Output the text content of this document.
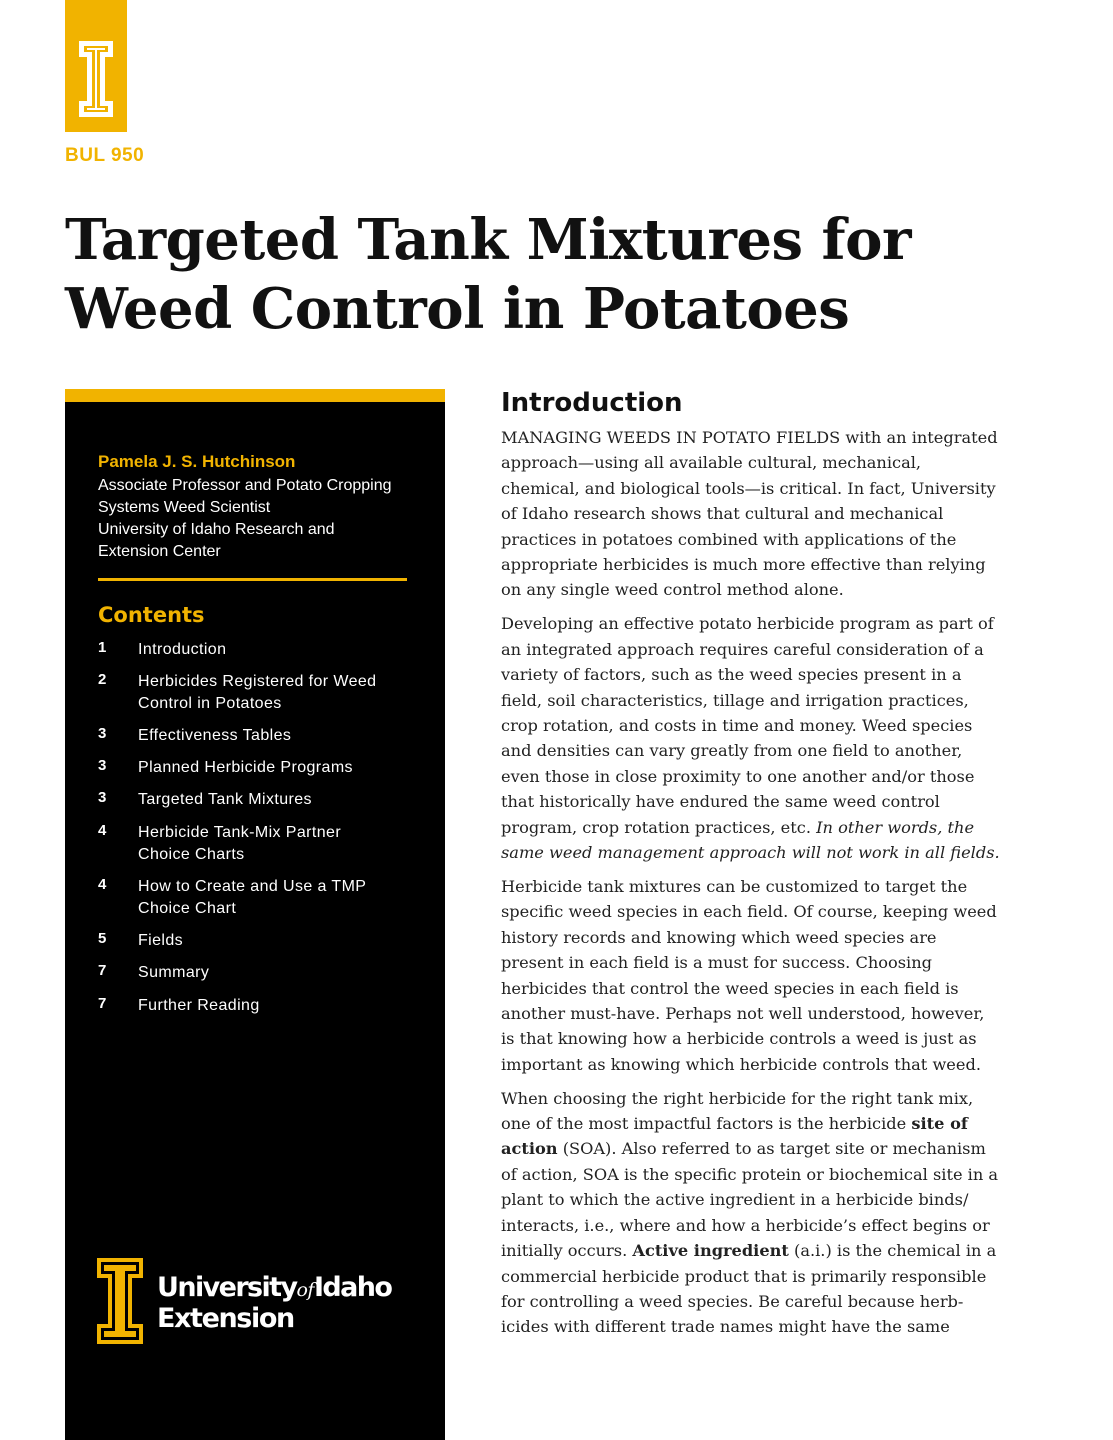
BUL 950
Targeted Tank Mixtures for
Weed Control in Potatoes
Pamela J. S. Hutchinson
Associate Professor and Potato Cropping
Systems Weed Scientist
University of Idaho Research and
Extension Center
Contents
1 Introduction
2 Herbicides Registered for Weed
Control in Potatoes
3 Effectiveness Tables
3 Planned Herbicide Programs
3 Targeted Tank Mixtures
4 Herbicide Tank-Mix Partner
Choice Charts
4 How to Create and Use a TMP
Choice Chart
5 Fields
7 Summary
7 Further Reading
UniversityofIdaho
Extension
Introduction

MANAGING WEEDS IN POTATO FIELDS with an integrated approach—using all available cultural, mechanical, chemical, and biological tools—is critical. In fact, University of Idaho research shows that cultural and mechanical practices in potatoes combined with applications of the appropriate herbicides is much more effective than relying on any single weed control method alone.

Developing an effective potato herbicide program as part of an integrated approach requires careful consideration of a variety of factors, such as the weed species present in a field, soil characteristics, tillage and irrigation practices, crop rotation, and costs in time and money. Weed species and densities can vary greatly from one field to another, even those in close proximity to one another and/or those that historically have endured the same weed control program, crop rotation practices, etc. In other words, the same weed management approach will not work in all fields.

Herbicide tank mixtures can be customized to target the specific weed species in each field. Of course, keeping weed history records and knowing which weed species are present in each field is a must for success. Choosing herbicides that control the weed species in each field is another must-have. Perhaps not well understood, however, is that knowing how a herbicide controls a weed is just as important as knowing which herbicide controls that weed.

When choosing the right herbicide for the right tank mix, one of the most impactful factors is the herbicide site of action (SOA). Also referred to as target site or mechanism of action, SOA is the specific protein or biochemical site in a plant to which the active ingredient in a herbicide binds/ interacts, i.e., where and how a herbicide’s effect begins or initially occurs. Active ingredient (a.i.) is the chemical in a commercial herbicide product that is primarily responsible for controlling a weed species. Be careful because herb- icides with different trade names might have the same
